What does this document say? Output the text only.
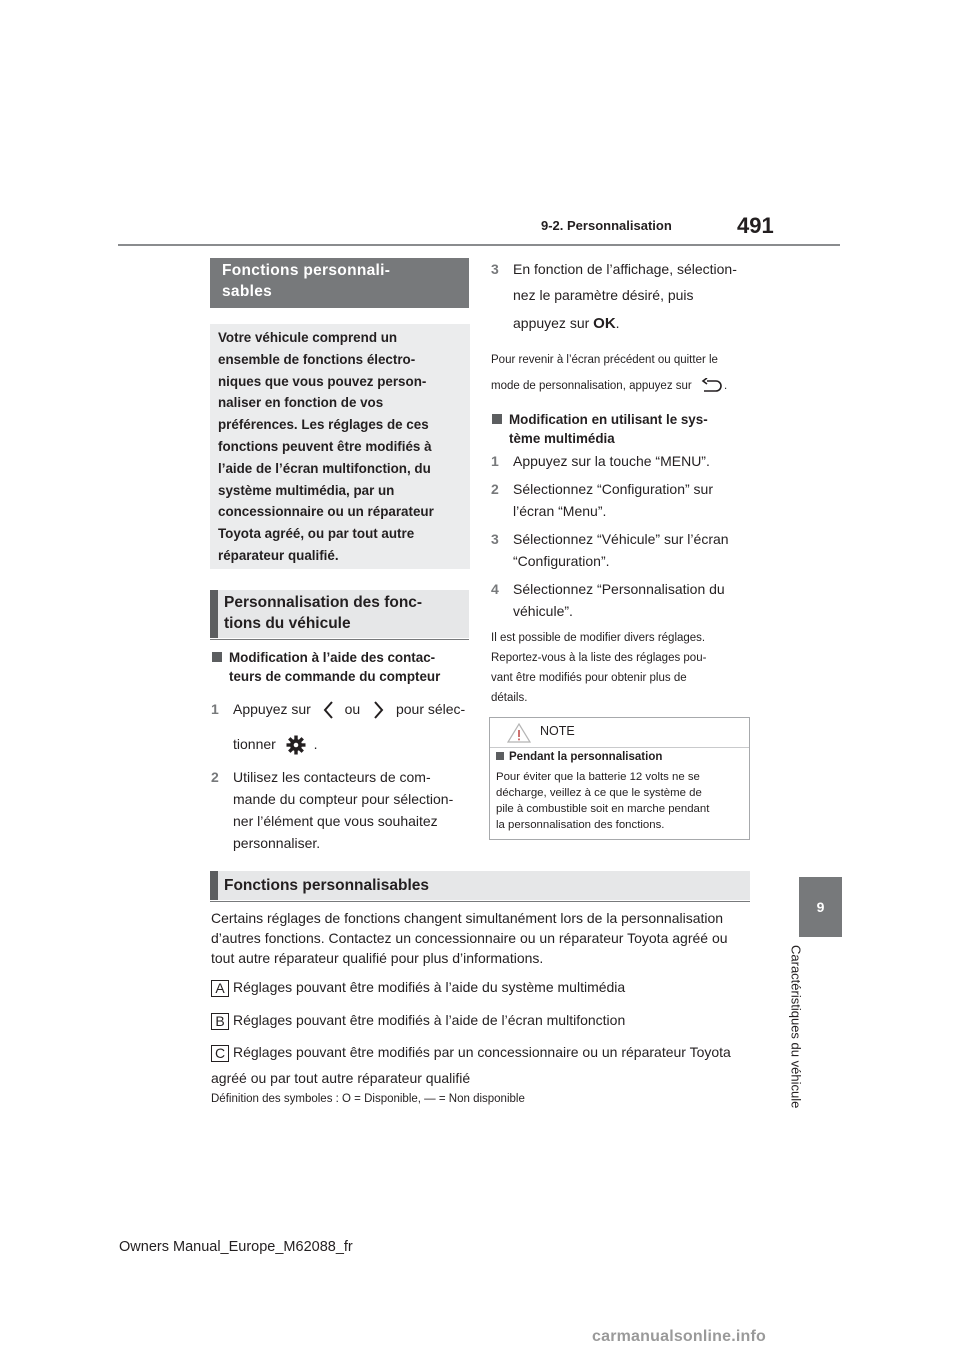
9-2. Personnalisation	491
9
Caractéristiques du véhicule
Fonctions personnali-
sables
Votre véhicule comprend un
ensemble de fonctions électro-
niques que vous pouvez person-
naliser en fonction de vos
préférences. Les réglages de ces
fonctions peuvent être modifiés à
l’aide de l’écran multifonction, du
système multimédia, par un
concessionnaire ou un réparateur
Toyota agréé, ou par tout autre
réparateur qualifié.
Personnalisation des fonc-
tions du véhicule
Modification à l’aide des contac-
teurs de commande du compteur
1 Appuyez sur ou	pour sélec-
tionner	.
2 Utilisez les contacteurs de com-
mande du compteur pour sélection-
ner l’élément que vous souhaitez
personnaliser.
3 En fonction de l’affichage, sélection-
nez le paramètre désiré, puis
appuyez sur OK.
Pour revenir à l’écran précédent ou quitter le
mode de personnalisation, appuyez sur	.
Modification en utilisant le sys-
tème multimédia
1 Appuyez sur la touche “MENU”.
2 Sélectionnez “Configuration” sur
l’écran “Menu”.
3 Sélectionnez “Véhicule” sur l’écran
“Configuration”.
4 Sélectionnez “Personnalisation du
véhicule”.
Il est possible de modifier divers réglages.
Reportez-vous à la liste des réglages pou-
vant être modifiés pour obtenir plus de
détails.
NOTE
Pendant la personnalisation
Pour éviter que la batterie 12 volts ne se
décharge, veillez à ce que le système de
pile à combustible soit en marche pendant
la personnalisation des fonctions.
Fonctions personnalisables
Certains réglages de fonctions changent simultanément lors de la personnalisation
d’autres fonctions. Contactez un concessionnaire ou un réparateur Toyota agréé ou
tout autre réparateur qualifié pour plus d’informations.
A Réglages pouvant être modifiés à l’aide du système multimédia
B Réglages pouvant être modifiés à l’aide de l’écran multifonction
C Réglages pouvant être modifiés par un concessionnaire ou un réparateur Toyota
agréé ou par tout autre réparateur qualifié
Définition des symboles : O = Disponible, — = Non disponible
Owners Manual_Europe_M62088_fr
carmanualsonline.info
